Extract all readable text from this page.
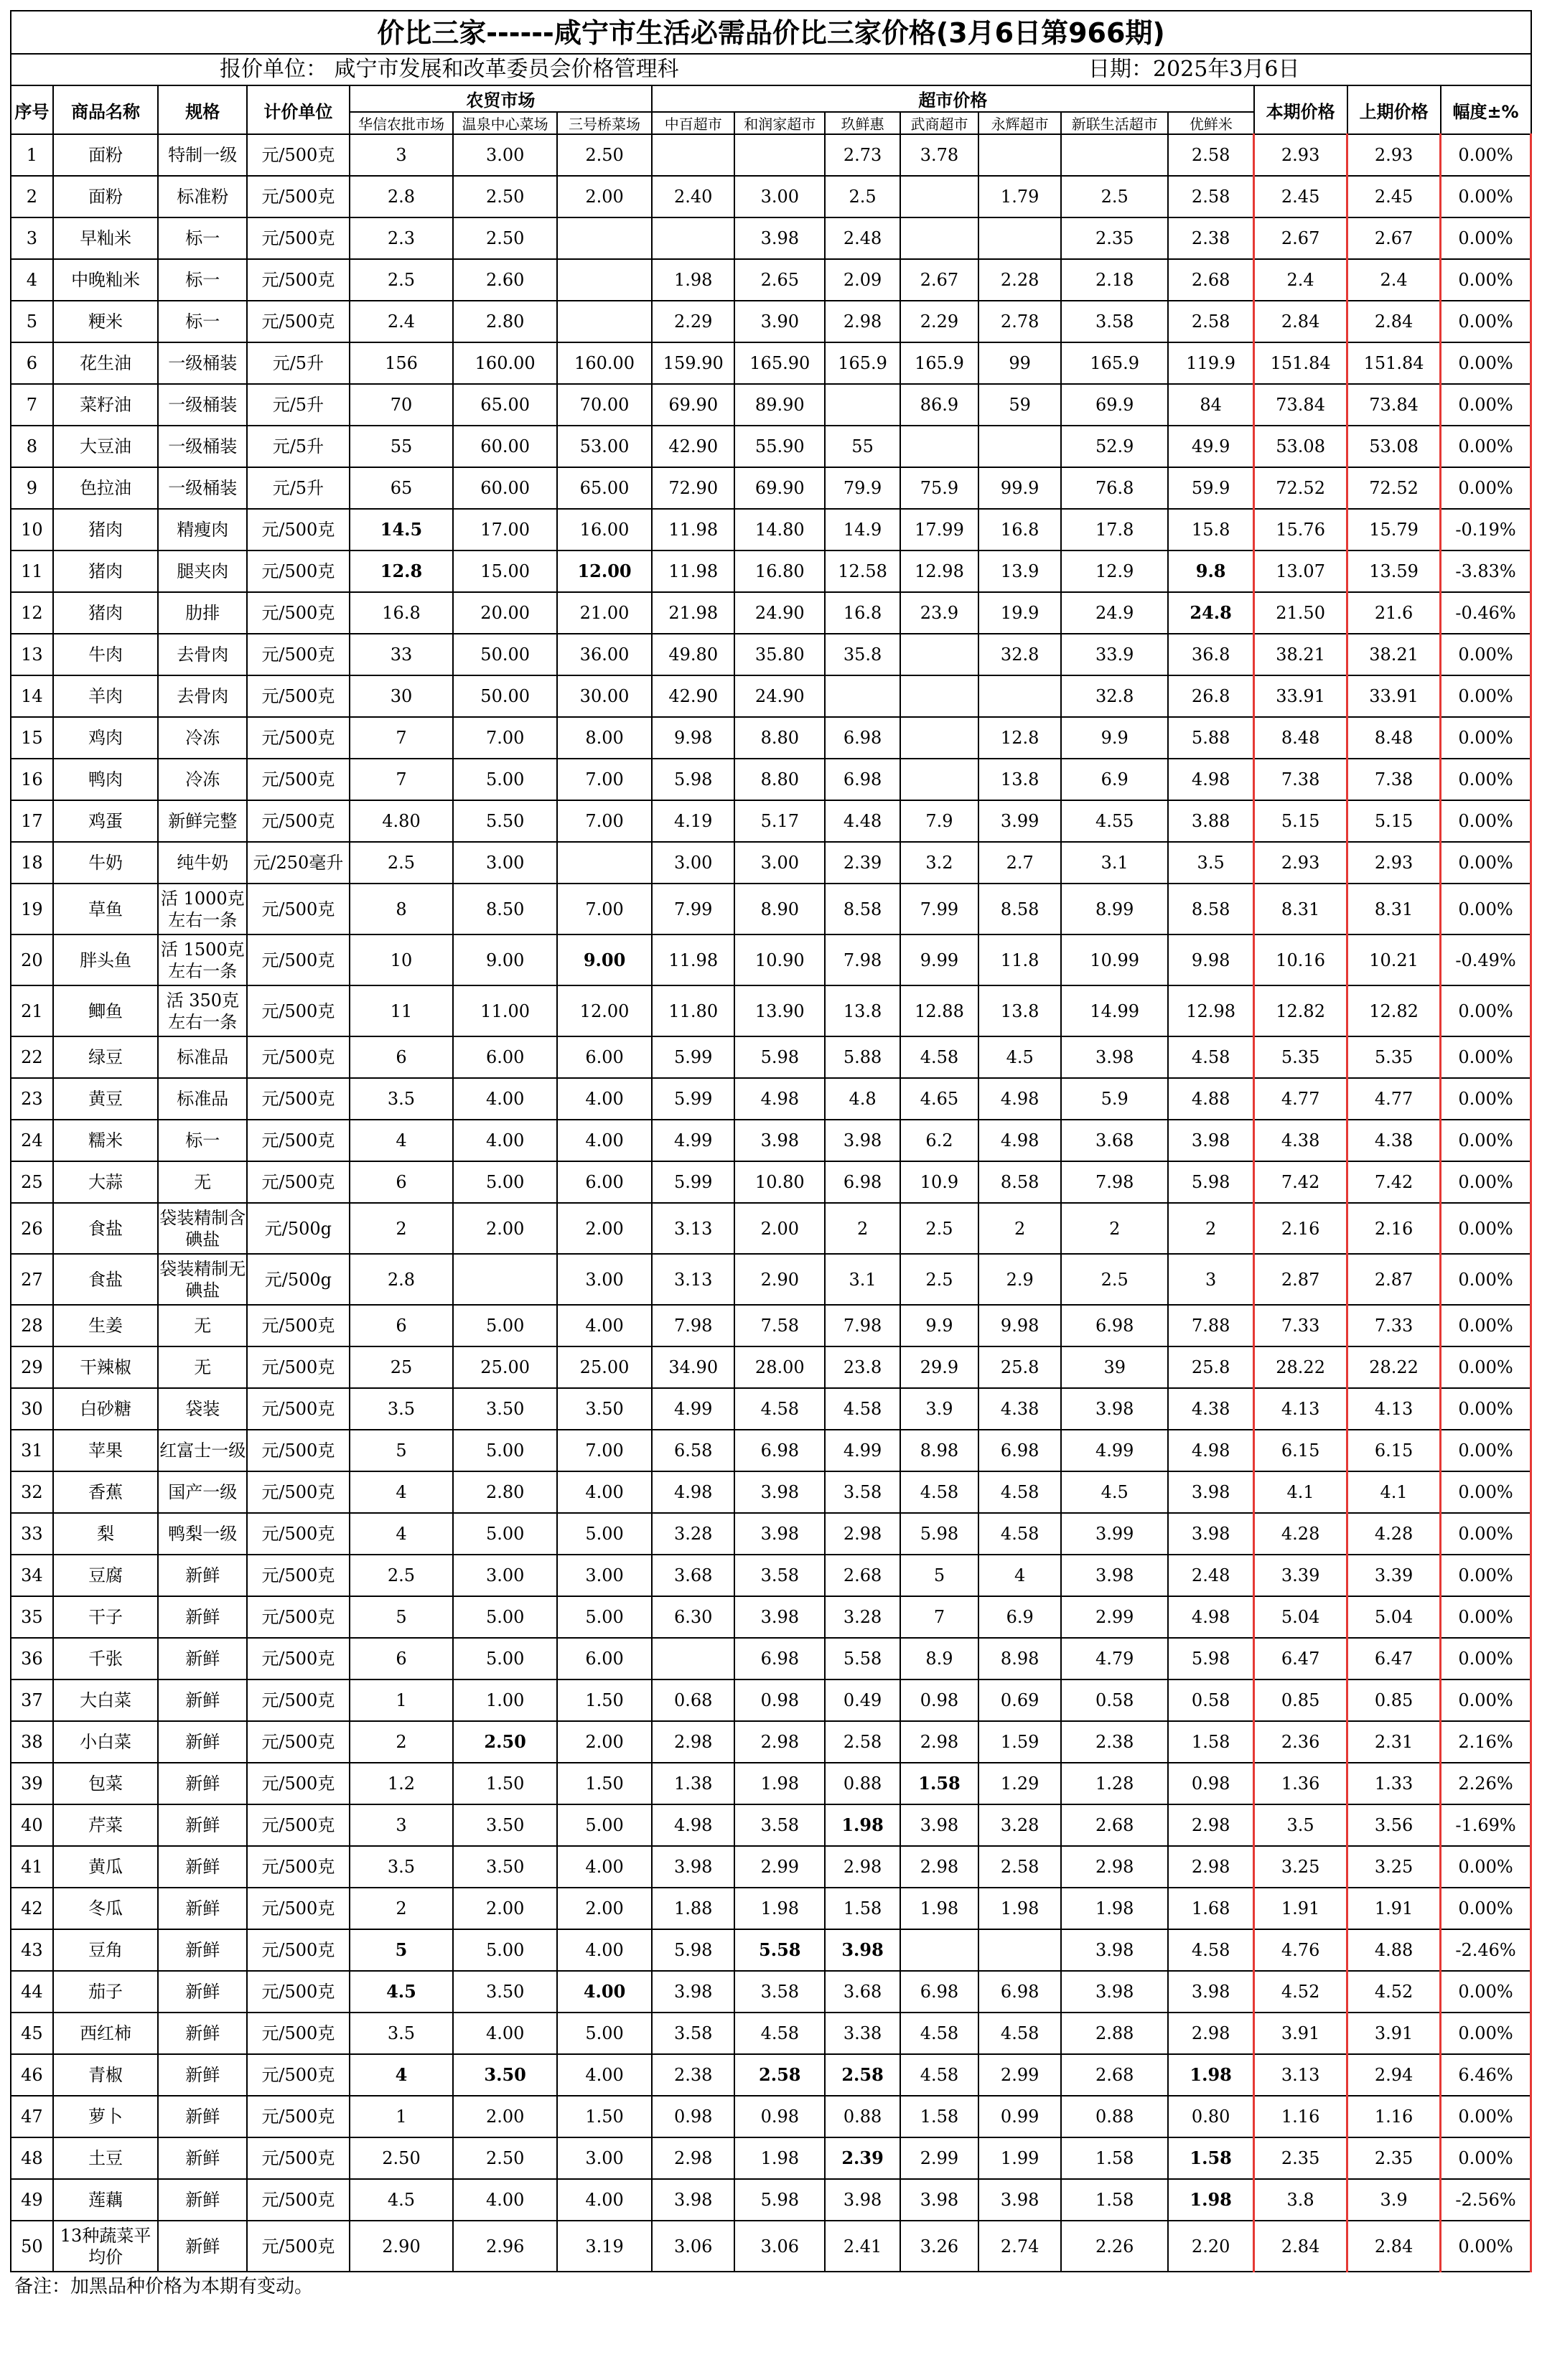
价比三家------咸宁市生活必需品价比三家价格(3月6日第966期)
报价单位： 咸宁市发展和改革委员会价格管理科	日期：2025年3月6日
序号	商品名称	规格	计价单位	农贸市场			超市价格							本期价格	上期价格	幅度±%
				华信农批市场	温泉中心菜场	三号桥菜场	中百超市	和润家超市	玖鲜惠	武商超市	永辉超市	新联生活超市	优鲜米			
1	面粉	特制一级	元/500克	3	3.00	2.50			2.73	3.78			2.58	2.93	2.93	0.00%
2	面粉	标准粉	元/500克	2.8	2.50	2.00	2.40	3.00	2.5		1.79	2.5	2.58	2.45	2.45	0.00%
3	早籼米	标一	元/500克	2.3	2.50			3.98	2.48			2.35	2.38	2.67	2.67	0.00%
4	中晚籼米	标一	元/500克	2.5	2.60		1.98	2.65	2.09	2.67	2.28	2.18	2.68	2.4	2.4	0.00%
5	粳米	标一	元/500克	2.4	2.80		2.29	3.90	2.98	2.29	2.78	3.58	2.58	2.84	2.84	0.00%
6	花生油	一级桶装	元/5升	156	160.00	160.00	159.90	165.90	165.9	165.9	99	165.9	119.9	151.84	151.84	0.00%
7	菜籽油	一级桶装	元/5升	70	65.00	70.00	69.90	89.90		86.9	59	69.9	84	73.84	73.84	0.00%
8	大豆油	一级桶装	元/5升	55	60.00	53.00	42.90	55.90	55			52.9	49.9	53.08	53.08	0.00%
9	色拉油	一级桶装	元/5升	65	60.00	65.00	72.90	69.90	79.9	75.9	99.9	76.8	59.9	72.52	72.52	0.00%
10	猪肉	精瘦肉	元/500克	14.5	17.00	16.00	11.98	14.80	14.9	17.99	16.8	17.8	15.8	15.76	15.79	-0.19%
11	猪肉	腿夹肉	元/500克	12.8	15.00	12.00	11.98	16.80	12.58	12.98	13.9	12.9	9.8	13.07	13.59	-3.83%
12	猪肉	肋排	元/500克	16.8	20.00	21.00	21.98	24.90	16.8	23.9	19.9	24.9	24.8	21.50	21.6	-0.46%
13	牛肉	去骨肉	元/500克	33	50.00	36.00	49.80	35.80	35.8		32.8	33.9	36.8	38.21	38.21	0.00%
14	羊肉	去骨肉	元/500克	30	50.00	30.00	42.90	24.90				32.8	26.8	33.91	33.91	0.00%
15	鸡肉	冷冻	元/500克	7	7.00	8.00	9.98	8.80	6.98		12.8	9.9	5.88	8.48	8.48	0.00%
16	鸭肉	冷冻	元/500克	7	5.00	7.00	5.98	8.80	6.98		13.8	6.9	4.98	7.38	7.38	0.00%
17	鸡蛋	新鲜完整	元/500克	4.80	5.50	7.00	4.19	5.17	4.48	7.9	3.99	4.55	3.88	5.15	5.15	0.00%
18	牛奶	纯牛奶	元/250毫升	2.5	3.00		3.00	3.00	2.39	3.2	2.7	3.1	3.5	2.93	2.93	0.00%
19	草鱼	活 1000克左右一条	元/500克	8	8.50	7.00	7.99	8.90	8.58	7.99	8.58	8.99	8.58	8.31	8.31	0.00%
20	胖头鱼	活 1500克左右一条	元/500克	10	9.00	9.00	11.98	10.90	7.98	9.99	11.8	10.99	9.98	10.16	10.21	-0.49%
21	鲫鱼	活 350克左右一条	元/500克	11	11.00	12.00	11.80	13.90	13.8	12.88	13.8	14.99	12.98	12.82	12.82	0.00%
22	绿豆	标准品	元/500克	6	6.00	6.00	5.99	5.98	5.88	4.58	4.5	3.98	4.58	5.35	5.35	0.00%
23	黄豆	标准品	元/500克	3.5	4.00	4.00	5.99	4.98	4.8	4.65	4.98	5.9	4.88	4.77	4.77	0.00%
24	糯米	标一	元/500克	4	4.00	4.00	4.99	3.98	3.98	6.2	4.98	3.68	3.98	4.38	4.38	0.00%
25	大蒜	无	元/500克	6	5.00	6.00	5.99	10.80	6.98	10.9	8.58	7.98	5.98	7.42	7.42	0.00%
26	食盐	袋装精制含碘盐	元/500g	2	2.00	2.00	3.13	2.00	2	2.5	2	2	2	2.16	2.16	0.00%
27	食盐	袋装精制无碘盐	元/500g	2.8		3.00	3.13	2.90	3.1	2.5	2.9	2.5	3	2.87	2.87	0.00%
28	生姜	无	元/500克	6	5.00	4.00	7.98	7.58	7.98	9.9	9.98	6.98	7.88	7.33	7.33	0.00%
29	干辣椒	无	元/500克	25	25.00	25.00	34.90	28.00	23.8	29.9	25.8	39	25.8	28.22	28.22	0.00%
30	白砂糖	袋装	元/500克	3.5	3.50	3.50	4.99	4.58	4.58	3.9	4.38	3.98	4.38	4.13	4.13	0.00%
31	苹果	红富士一级	元/500克	5	5.00	7.00	6.58	6.98	4.99	8.98	6.98	4.99	4.98	6.15	6.15	0.00%
32	香蕉	国产一级	元/500克	4	2.80	4.00	4.98	3.98	3.58	4.58	4.58	4.5	3.98	4.1	4.1	0.00%
33	梨	鸭梨一级	元/500克	4	5.00	5.00	3.28	3.98	2.98	5.98	4.58	3.99	3.98	4.28	4.28	0.00%
34	豆腐	新鲜	元/500克	2.5	3.00	3.00	3.68	3.58	2.68	5	4	3.98	2.48	3.39	3.39	0.00%
35	干子	新鲜	元/500克	5	5.00	5.00	6.30	3.98	3.28	7	6.9	2.99	4.98	5.04	5.04	0.00%
36	千张	新鲜	元/500克	6	5.00	6.00		6.98	5.58	8.9	8.98	4.79	5.98	6.47	6.47	0.00%
37	大白菜	新鲜	元/500克	1	1.00	1.50	0.68	0.98	0.49	0.98	0.69	0.58	0.58	0.85	0.85	0.00%
38	小白菜	新鲜	元/500克	2	2.50	2.00	2.98	2.98	2.58	2.98	1.59	2.38	1.58	2.36	2.31	2.16%
39	包菜	新鲜	元/500克	1.2	1.50	1.50	1.38	1.98	0.88	1.58	1.29	1.28	0.98	1.36	1.33	2.26%
40	芹菜	新鲜	元/500克	3	3.50	5.00	4.98	3.58	1.98	3.98	3.28	2.68	2.98	3.5	3.56	-1.69%
41	黄瓜	新鲜	元/500克	3.5	3.50	4.00	3.98	2.99	2.98	2.98	2.58	2.98	2.98	3.25	3.25	0.00%
42	冬瓜	新鲜	元/500克	2	2.00	2.00	1.88	1.98	1.58	1.98	1.98	1.98	1.68	1.91	1.91	0.00%
43	豆角	新鲜	元/500克	5	5.00	4.00	5.98	5.58	3.98			3.98	4.58	4.76	4.88	-2.46%
44	茄子	新鲜	元/500克	4.5	3.50	4.00	3.98	3.58	3.68	6.98	6.98	3.98	3.98	4.52	4.52	0.00%
45	西红柿	新鲜	元/500克	3.5	4.00	5.00	3.58	4.58	3.38	4.58	4.58	2.88	2.98	3.91	3.91	0.00%
46	青椒	新鲜	元/500克	4	3.50	4.00	2.38	2.58	2.58	4.58	2.99	2.68	1.98	3.13	2.94	6.46%
47	萝卜	新鲜	元/500克	1	2.00	1.50	0.98	0.98	0.88	1.58	0.99	0.88	0.80	1.16	1.16	0.00%
48	土豆	新鲜	元/500克	2.50	2.50	3.00	2.98	1.98	2.39	2.99	1.99	1.58	1.58	2.35	2.35	0.00%
49	莲藕	新鲜	元/500克	4.5	4.00	4.00	3.98	5.98	3.98	3.98	3.98	1.58	1.98	3.8	3.9	-2.56%
50	13种蔬菜平均价	新鲜	元/500克	2.90	2.96	3.19	3.06	3.06	2.41	3.26	2.74	2.26	2.20	2.84	2.84	0.00%
备注：加黑品种价格为本期有变动。
